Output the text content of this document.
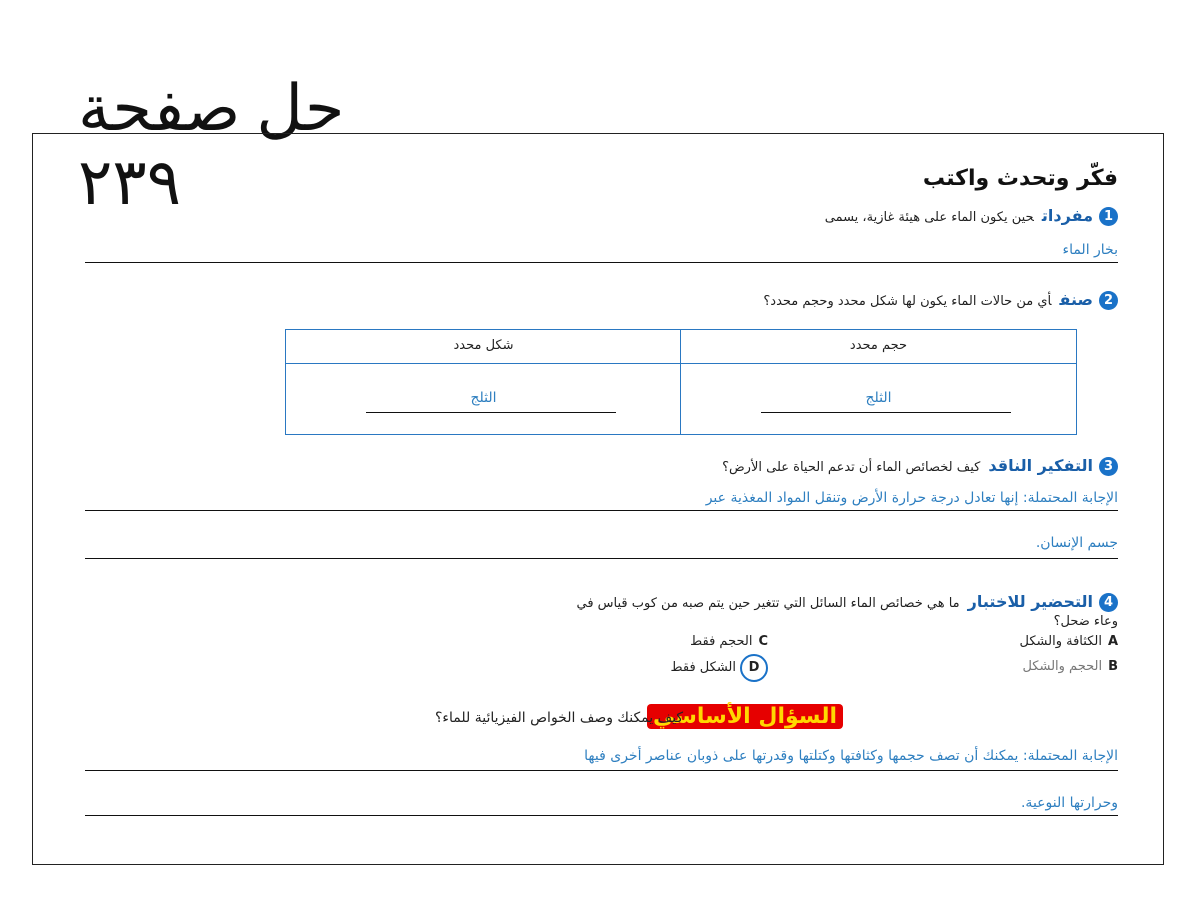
حل صفحة ٢٣٩	فكّر وتحدث واكتب
1مفرداتحين يكون الماء على هيئة غازية، يسمى
بخار الماء
2صنفأي من حالات الماء يكون لها شكل محدد وحجم محدد؟
شكل محدد	حجم محدد
الثلج	الثلج
3التفكير الناقدكيف لخصائص الماء أن تدعم الحياة على الأرض؟
الإجابة المحتملة: إنها تعادل درجة حرارة الأرض وتنقل المواد المغذية عبر
جسم الإنسان.
4التحضير للاختبارما هي خصائص الماء السائل التي تتغير حين يتم صبه من كوب قياس في
وعاء ضحل؟
Aالكثافة والشكل
Bالحجم والشكل
Cالحجم فقط
Dالشكل فقط
السؤال الأساسي
كيف يمكنك وصف الخواص الفيزيائية للماء؟
الإجابة المحتملة: يمكنك أن تصف حجمها وكثافتها وكتلتها وقدرتها على ذوبان عناصر أخرى فيها
وحرارتها النوعية.
